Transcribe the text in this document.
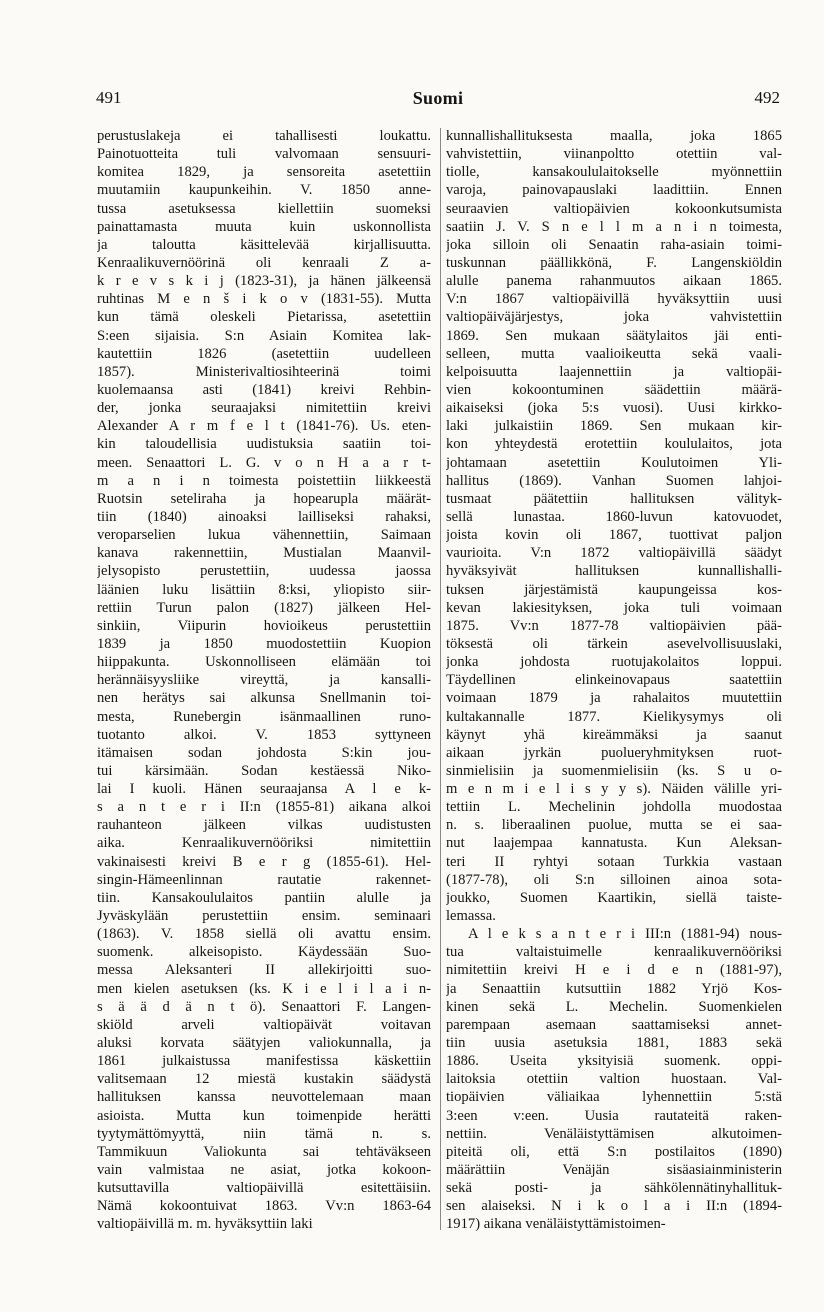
491	Suomi	492
perustuslakeja ei tahallisesti loukattu.
Painotuotteita tuli valvomaan sensuuri-
komitea 1829, ja sensoreita asetettiin
muutamiin kaupunkeihin. V. 1850 anne-
tussa asetuksessa kiellettiin suomeksi
painattamasta muuta kuin uskonnollista
ja taloutta käsittelevää kirjallisuutta.
Kenraalikuvernöörinä oli kenraali Z a-
k r e v s k i j (1823-31), ja hänen jälkeensä
ruhtinas M e n š i k o v (1831-55). Mutta
kun tämä oleskeli Pietarissa, asetettiin
S:een sijaisia. S:n Asiain Komitea lak-
kautettiin 1826 (asetettiin uudelleen
1857). Ministerivaltiosihteerinä toimi
kuolemaansa asti (1841) kreivi Rehbin-
der, jonka seuraajaksi nimitettiin kreivi
Alexander A r m f e l t (1841-76). Us. eten-
kin taloudellisia uudistuksia saatiin toi-
meen. Senaattori L. G. v o n H a a r t-
m a n i n toimesta poistettiin liikkeestä
Ruotsin seteliraha ja hopearupla määrät-
tiin (1840) ainoaksi lailliseksi rahaksi,
veroparselien lukua vähennettiin, Saimaan
kanava rakennettiin, Mustialan Maanvil-
jelysopisto perustettiin, uudessa jaossa
läänien luku lisättiin 8:ksi, yliopisto siir-
rettiin Turun palon (1827) jälkeen Hel-
sinkiin, Viipurin hovioikeus perustettiin
1839 ja 1850 muodostettiin Kuopion
hiippakunta. Uskonnolliseen elämään toi
herännäisyysliike vireyttä, ja kansalli-
nen herätys sai alkunsa Snellmanin toi-
mesta, Runebergin isänmaallinen runo-
tuotanto alkoi. V. 1853 syttyneen
itämaisen sodan johdosta S:kin jou-
tui kärsimään. Sodan kestäessä Niko-
lai I kuoli. Hänen seuraajansa A l e k-
s a n t e r i II:n (1855-81) aikana alkoi
rauhanteon jälkeen vilkas uudistusten
aika. Kenraalikuvernööriksi nimitettiin
vakinaisesti kreivi B e r g (1855-61). Hel-
singin-Hämeenlinnan rautatie rakennet-
tiin. Kansakoululaitos pantiin alulle ja
Jyväskylään perustettiin ensim. seminaari
(1863). V. 1858 siellä oli avattu ensim.
suomenk. alkeisopisto. Käydessään Suo-
messa Aleksanteri II allekirjoitti suo-
men kielen asetuksen (ks. K i e l i l a i n-
s ä ä d ä n t ö). Senaattori F. Langen-
skiöld arveli valtiopäivät voitavan
aluksi korvata säätyjen valiokunnalla, ja
1861 julkaistussa manifestissa käskettiin
valitsemaan 12 miestä kustakin säädystä
hallituksen kanssa neuvottelemaan maan
asioista. Mutta kun toimenpide herätti
tyytymättömyyttä, niin tämä n. s.
Tammikuun Valiokunta sai tehtäväkseen
vain valmistaa ne asiat, jotka kokoon-
kutsuttavilla valtiopäivillä esitettäisiin.
Nämä kokoontuivat 1863. Vv:n 1863-64
valtiopäivillä m. m. hyväksyttiin laki
kunnallishallituksesta maalla, joka 1865
vahvistettiin, viinanpoltto otettiin val-
tiolle, kansakoululaitokselle myönnettiin
varoja, painovapauslaki laadittiin. Ennen
seuraavien valtiopäivien kokoonkutsumista
saatiin J. V. S n e l l m a n i n toimesta,
joka silloin oli Senaatin raha-asiain toimi-
tuskunnan päällikkönä, F. Langenskiöldin
alulle panema rahanmuutos aikaan 1865.
V:n 1867 valtiopäivillä hyväksyttiin uusi
valtiopäiväjärjestys, joka vahvistettiin
1869. Sen mukaan säätylaitos jäi enti-
selleen, mutta vaalioikeutta sekä vaali-
kelpoisuutta laajennettiin ja valtiopäi-
vien kokoontuminen säädettiin määrä-
aikaiseksi (joka 5:s vuosi). Uusi kirkko-
laki julkaistiin 1869. Sen mukaan kir-
kon yhteydestä erotettiin koululaitos, jota
johtamaan asetettiin Koulutoimen Yli-
hallitus (1869). Vanhan Suomen lahjoi-
tusmaat päätettiin hallituksen välityk-
sellä lunastaa. 1860-luvun katovuodet,
joista kovin oli 1867, tuottivat paljon
vaurioita. V:n 1872 valtiopäivillä säädyt
hyväksyivät hallituksen kunnallishalli-
tuksen järjestämistä kaupungeissa kos-
kevan lakiesityksen, joka tuli voimaan
1875. Vv:n 1877-78 valtiopäivien pää-
töksestä oli tärkein asevelvollisuuslaki,
jonka johdosta ruotujakolaitos loppui.
Täydellinen elinkeinovapaus saatettiin
voimaan 1879 ja rahalaitos muutettiin
kultakannalle 1877. Kielikysymys oli
käynyt yhä kireämmäksi ja saanut
aikaan jyrkän puolueryhmityksen ruot-
sinmielisiin ja suomenmielisiin (ks. S u o-
m e n m i e l i s y y s). Näiden välille yri-
tettiin L. Mechelinin johdolla muodostaa
n. s. liberaalinen puolue, mutta se ei saa-
nut laajempaa kannatusta. Kun Aleksan-
teri II ryhtyi sotaan Turkkia vastaan
(1877-78), oli S:n silloinen ainoa sota-
joukko, Suomen Kaartikin, siellä taiste-
lemassa.
A l e k s a n t e r i III:n (1881-94) nous-
tua valtaistuimelle kenraalikuvernööriksi
nimitettiin kreivi H e i d e n (1881-97),
ja Senaattiin kutsuttiin 1882 Yrjö Kos-
kinen sekä L. Mechelin. Suomenkielen
parempaan asemaan saattamiseksi annet-
tiin uusia asetuksia 1881, 1883 sekä
1886. Useita yksityisiä suomenk. oppi-
laitoksia otettiin valtion huostaan. Val-
tiopäivien väliaikaa lyhennettiin 5:stä
3:een v:een. Uusia rautateitä raken-
nettiin. Venäläistyttämisen alkutoimen-
piteitä oli, että S:n postilaitos (1890)
määrättiin Venäjän sisäasiainministerin
sekä posti- ja sähkölennätinyhallituk-
sen alaiseksi. N i k o l a i II:n (1894-
1917) aikana venäläistyttämistoimen-
